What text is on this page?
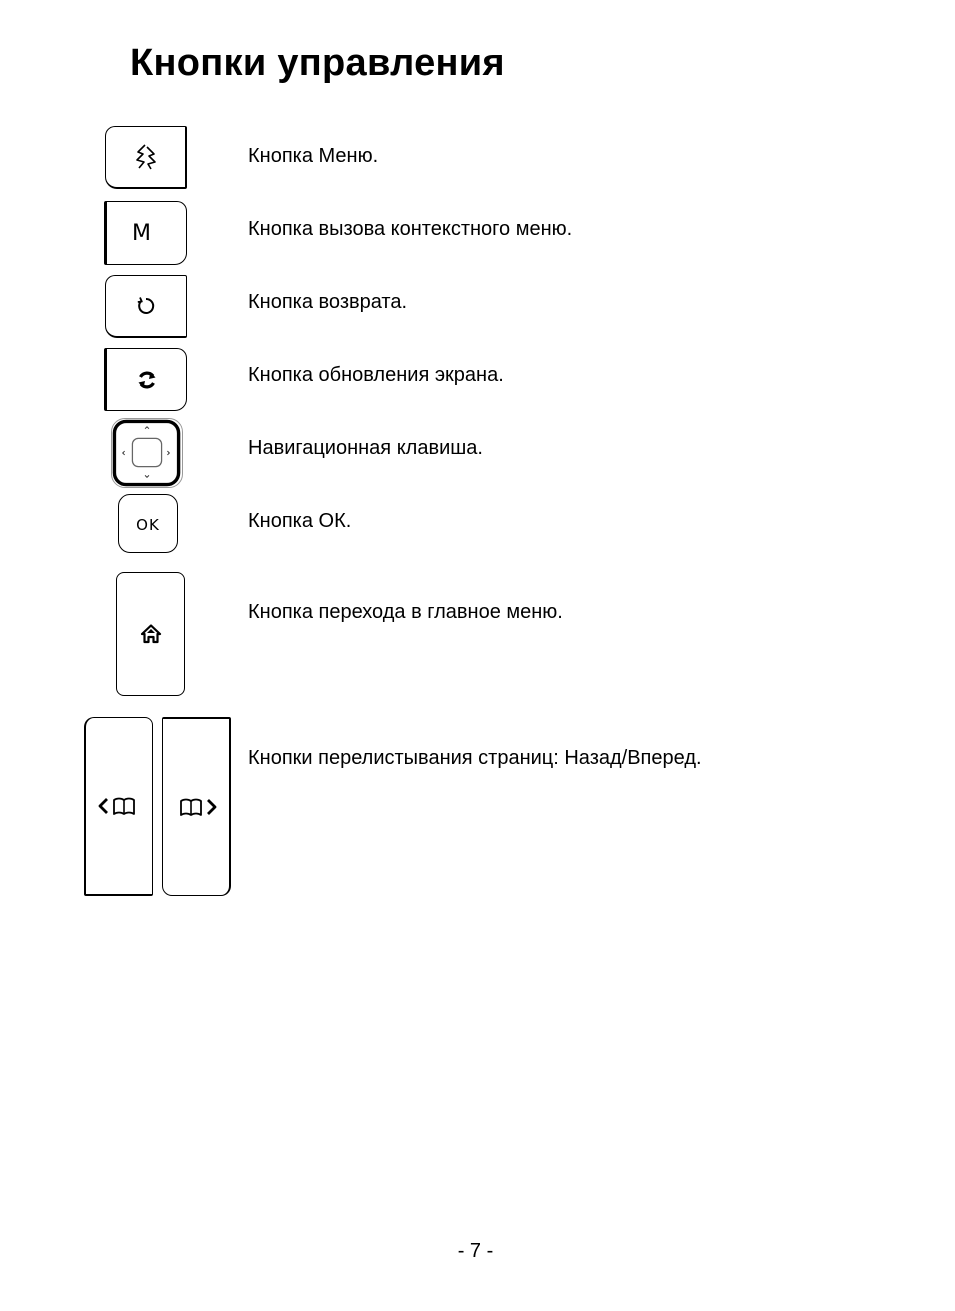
Кнопки управления
Кнопка Меню.
M	Кнопка вызова контекстного меню.
Кнопка возврата.
Кнопка обновления экрана.
Навигационная клавиша.
OK	Кнопка ОК.
Кнопка перехода в главное меню.
Кнопки перелистывания страниц: Назад/Вперед.
- 7 -
